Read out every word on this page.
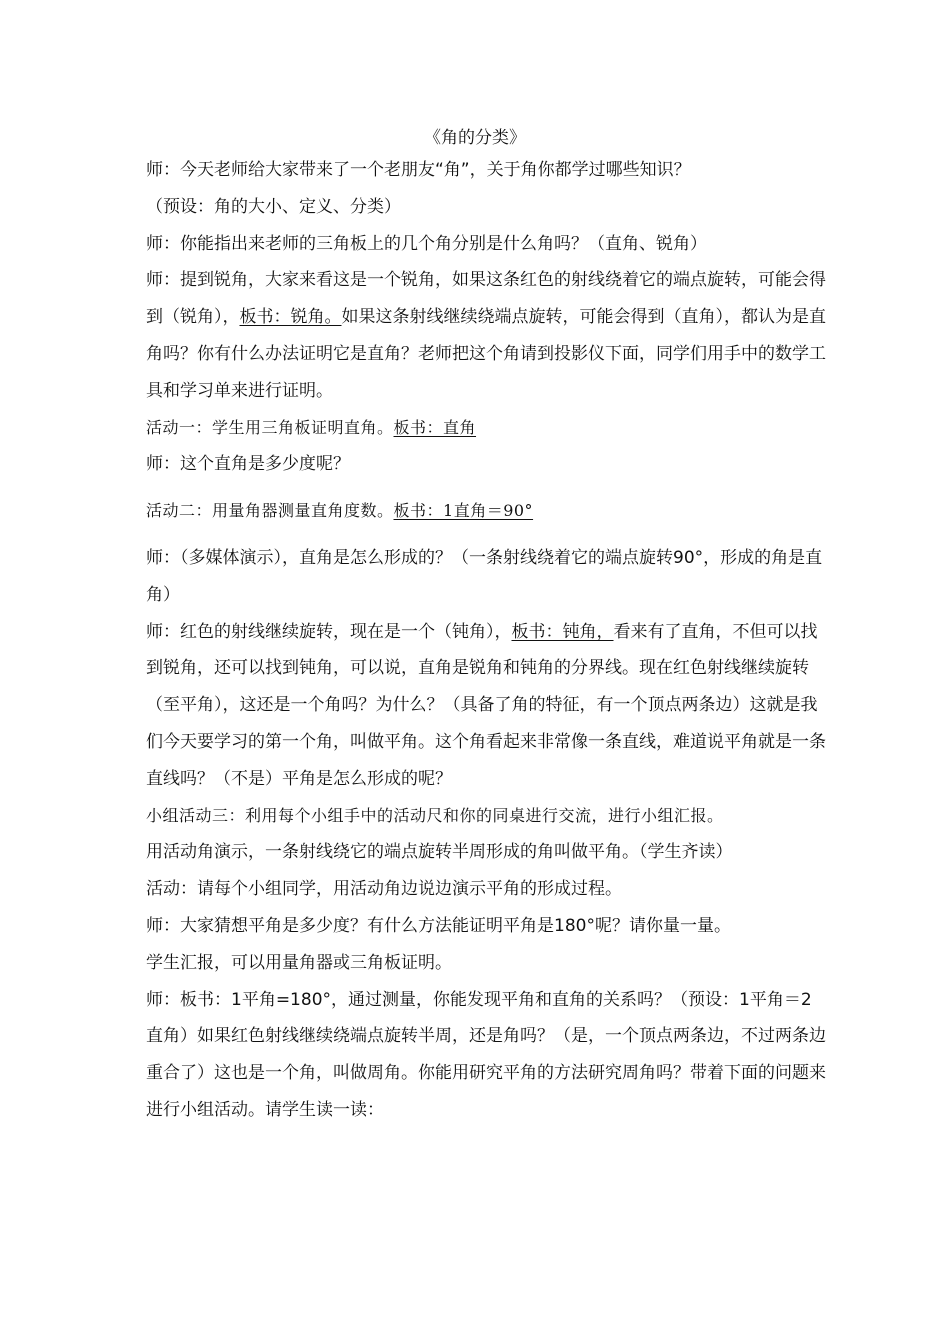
《角的分类》

师：今天老师给大家带来了一个老朋友“角”，关于角你都学过哪些知识？

（预设：角的大小、定义、分类）

师：你能指出来老师的三角板上的几个角分别是什么角吗？（直角、锐角）

师：提到锐角，大家来看这是一个锐角，如果这条红色的射线绕着它的端点旋转，可能会得到（锐角），板书：锐角。如果这条射线继续绕端点旋转，可能会得到（直角），都认为是直角吗？你有什么办法证明它是直角？老师把这个角请到投影仪下面，同学们用手中的数学工具和学习单来进行证明。

活动一：学生用三角板证明直角。板书：直角

师：这个直角是多少度呢？

活动二：用量角器测量直角度数。板书：1直角＝90°

师：（多媒体演示），直角是怎么形成的？（一条射线绕着它的端点旋转90°，形成的角是直角）

师：红色的射线继续旋转，现在是一个（钝角），板书：钝角，看来有了直角，不但可以找到锐角，还可以找到钝角，可以说，直角是锐角和钝角的分界线。现在红色射线继续旋转（至平角），这还是一个角吗？为什么？（具备了角的特征，有一个顶点两条边）这就是我们今天要学习的第一个角，叫做平角。这个角看起来非常像一条直线，难道说平角就是一条直线吗？（不是）平角是怎么形成的呢？

小组活动三：利用每个小组手中的活动尺和你的同桌进行交流，进行小组汇报。

用活动角演示，一条射线绕它的端点旋转半周形成的角叫做平角。（学生齐读）

活动：请每个小组同学，用活动角边说边演示平角的形成过程。

师：大家猜想平角是多少度？有什么方法能证明平角是180°呢？请你量一量。

学生汇报，可以用量角器或三角板证明。

师：板书：1平角=180°，通过测量，你能发现平角和直角的关系吗？（预设：1平角＝2直角）如果红色射线继续绕端点旋转半周，还是角吗？（是，一个顶点两条边，不过两条边重合了）这也是一个角，叫做周角。你能用研究平角的方法研究周角吗？带着下面的问题来进行小组活动。请学生读一读：
